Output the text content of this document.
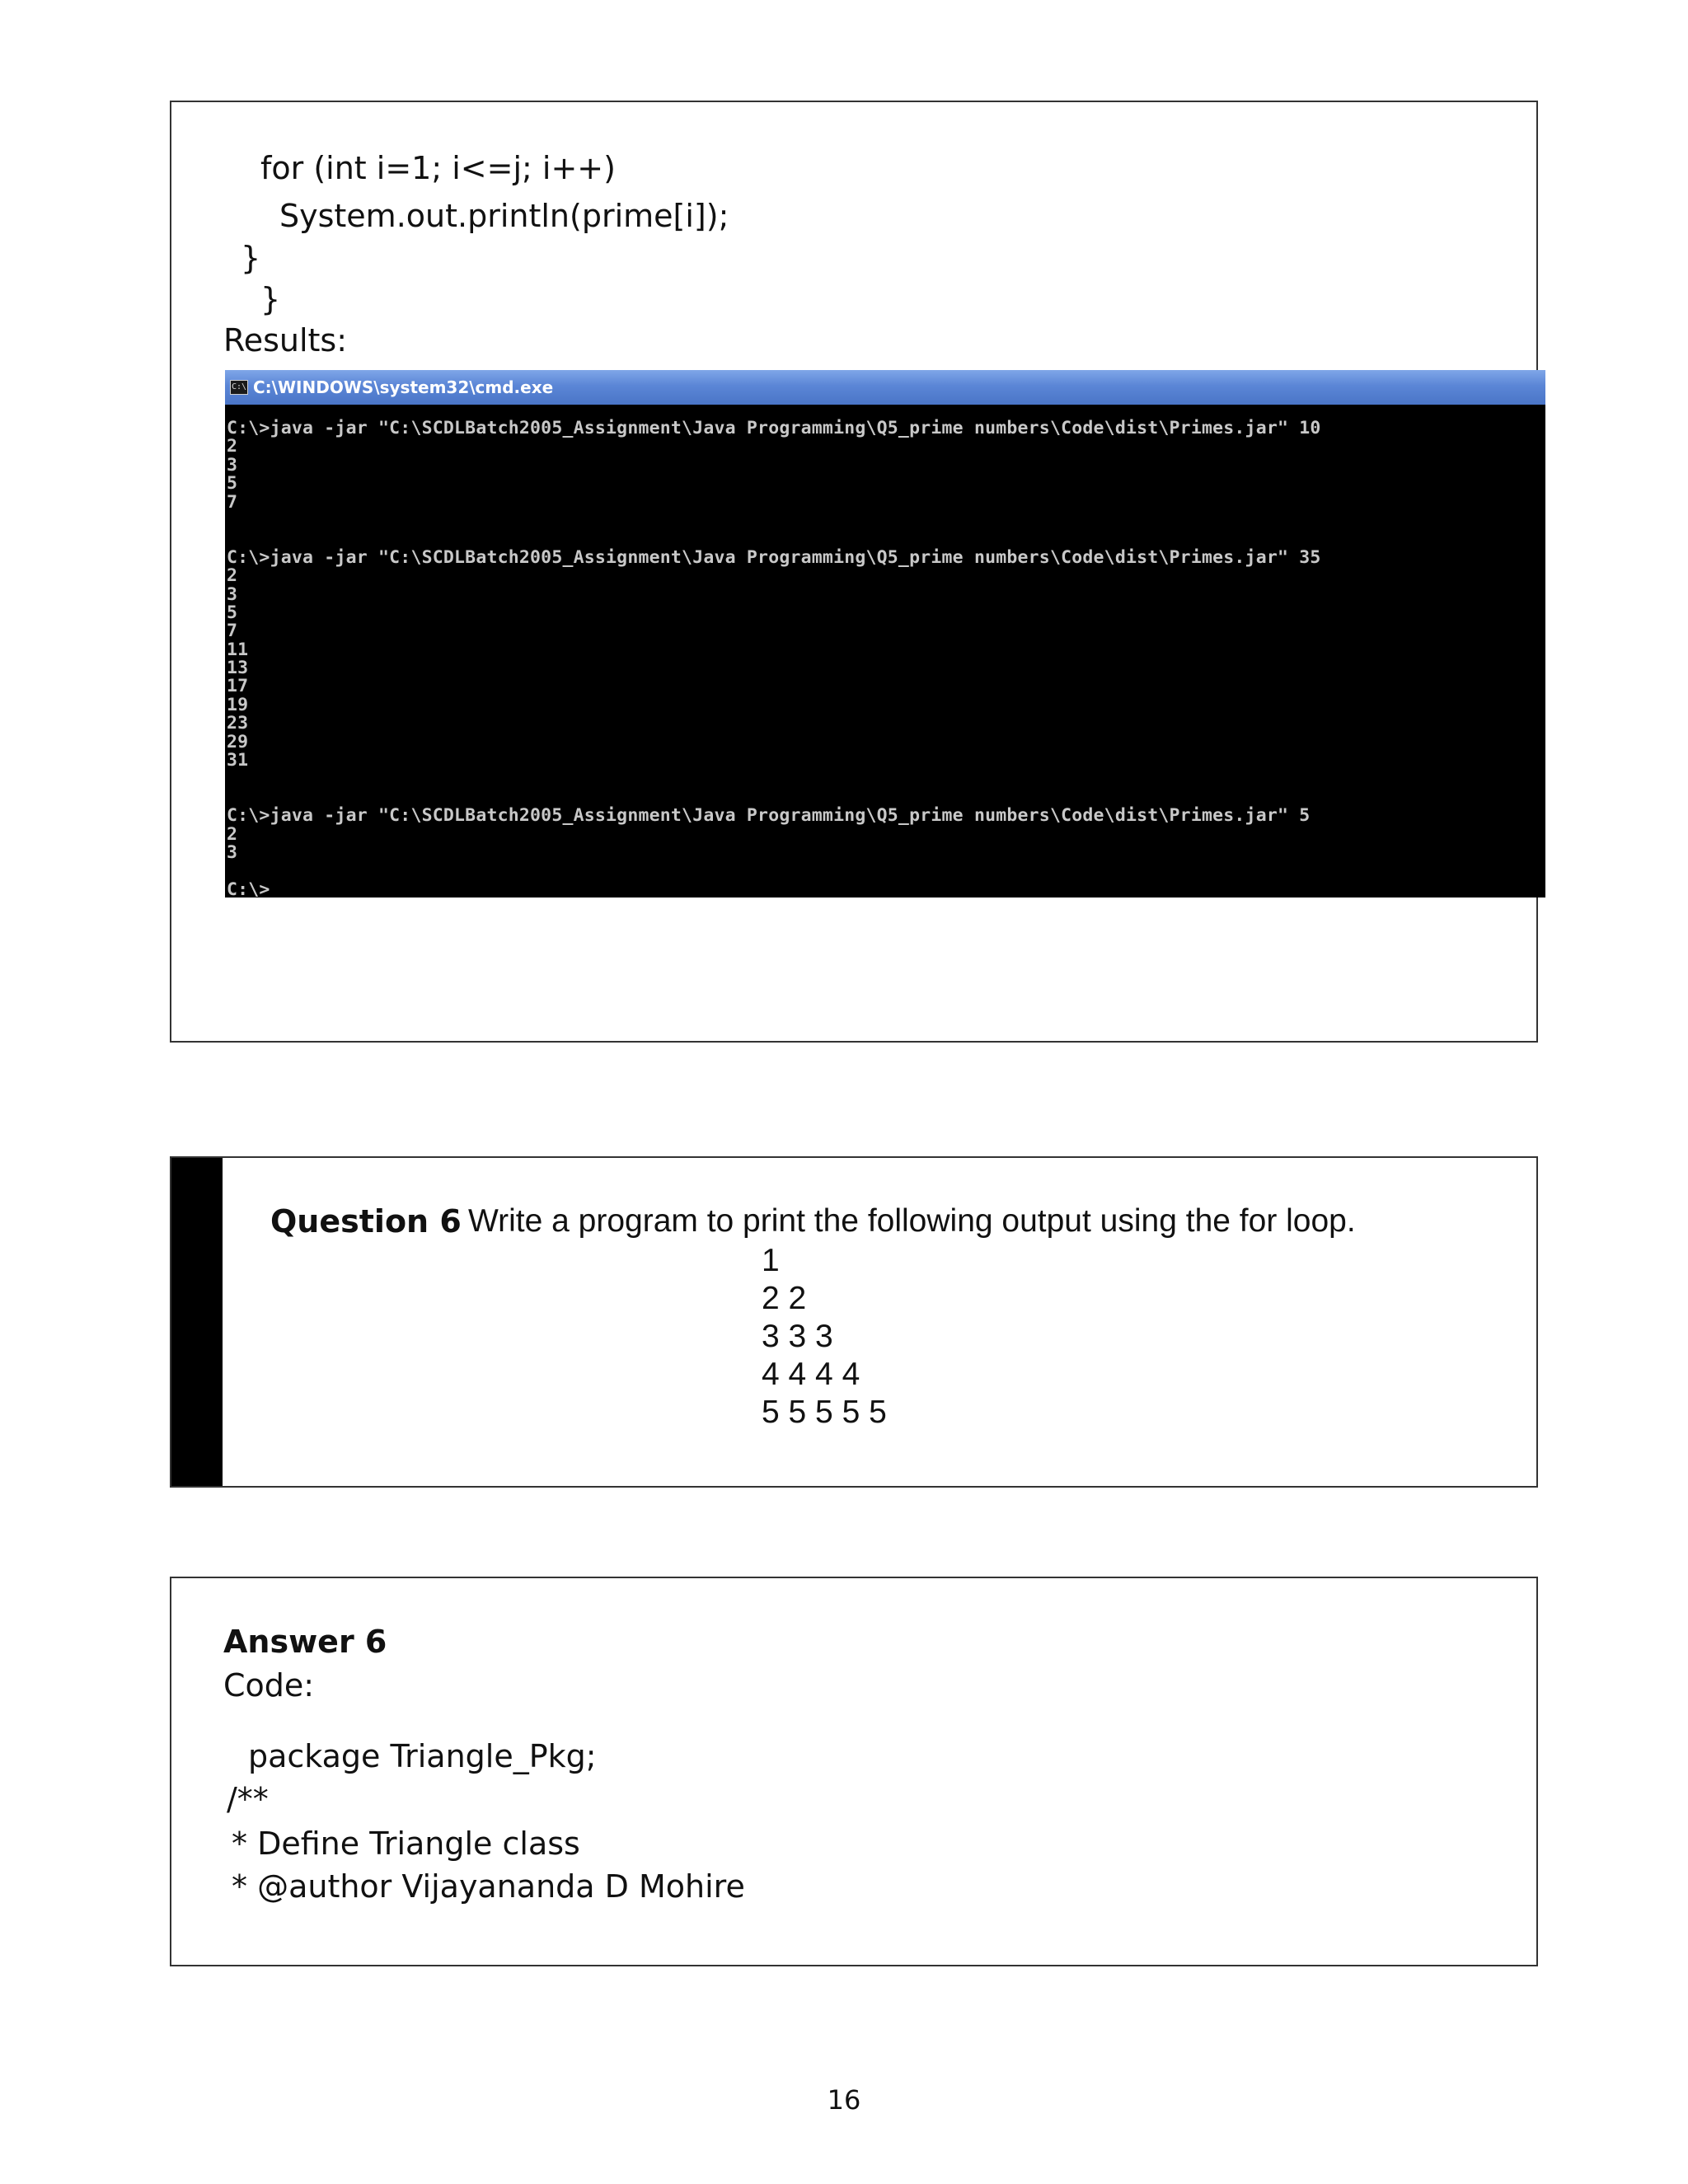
for (int i=1; i<=j; i++)
System.out.println(prime[i]);
}
}
Results:
C:\ C:\WINDOWS\system32\cmd.exe
C:\>java -jar "C:\SCDLBatch2005_Assignment\Java Programming\Q5_prime numbers\Code\dist\Primes.jar" 10
2
3
5
7
C:\>java -jar "C:\SCDLBatch2005_Assignment\Java Programming\Q5_prime numbers\Code\dist\Primes.jar" 35
2
3
5
7
11
13
17
19
23
29
31
C:\>java -jar "C:\SCDLBatch2005_Assignment\Java Programming\Q5_prime numbers\Code\dist\Primes.jar" 5
2
3
C:\>
Question 6 Write a program to print the following output using the for loop.
1
2 2
3 3 3
4 4 4 4
5 5 5 5 5
Answer 6
Code:
package Triangle_Pkg;
/**
* Define Triangle class
* @author Vijayananda D Mohire
16
